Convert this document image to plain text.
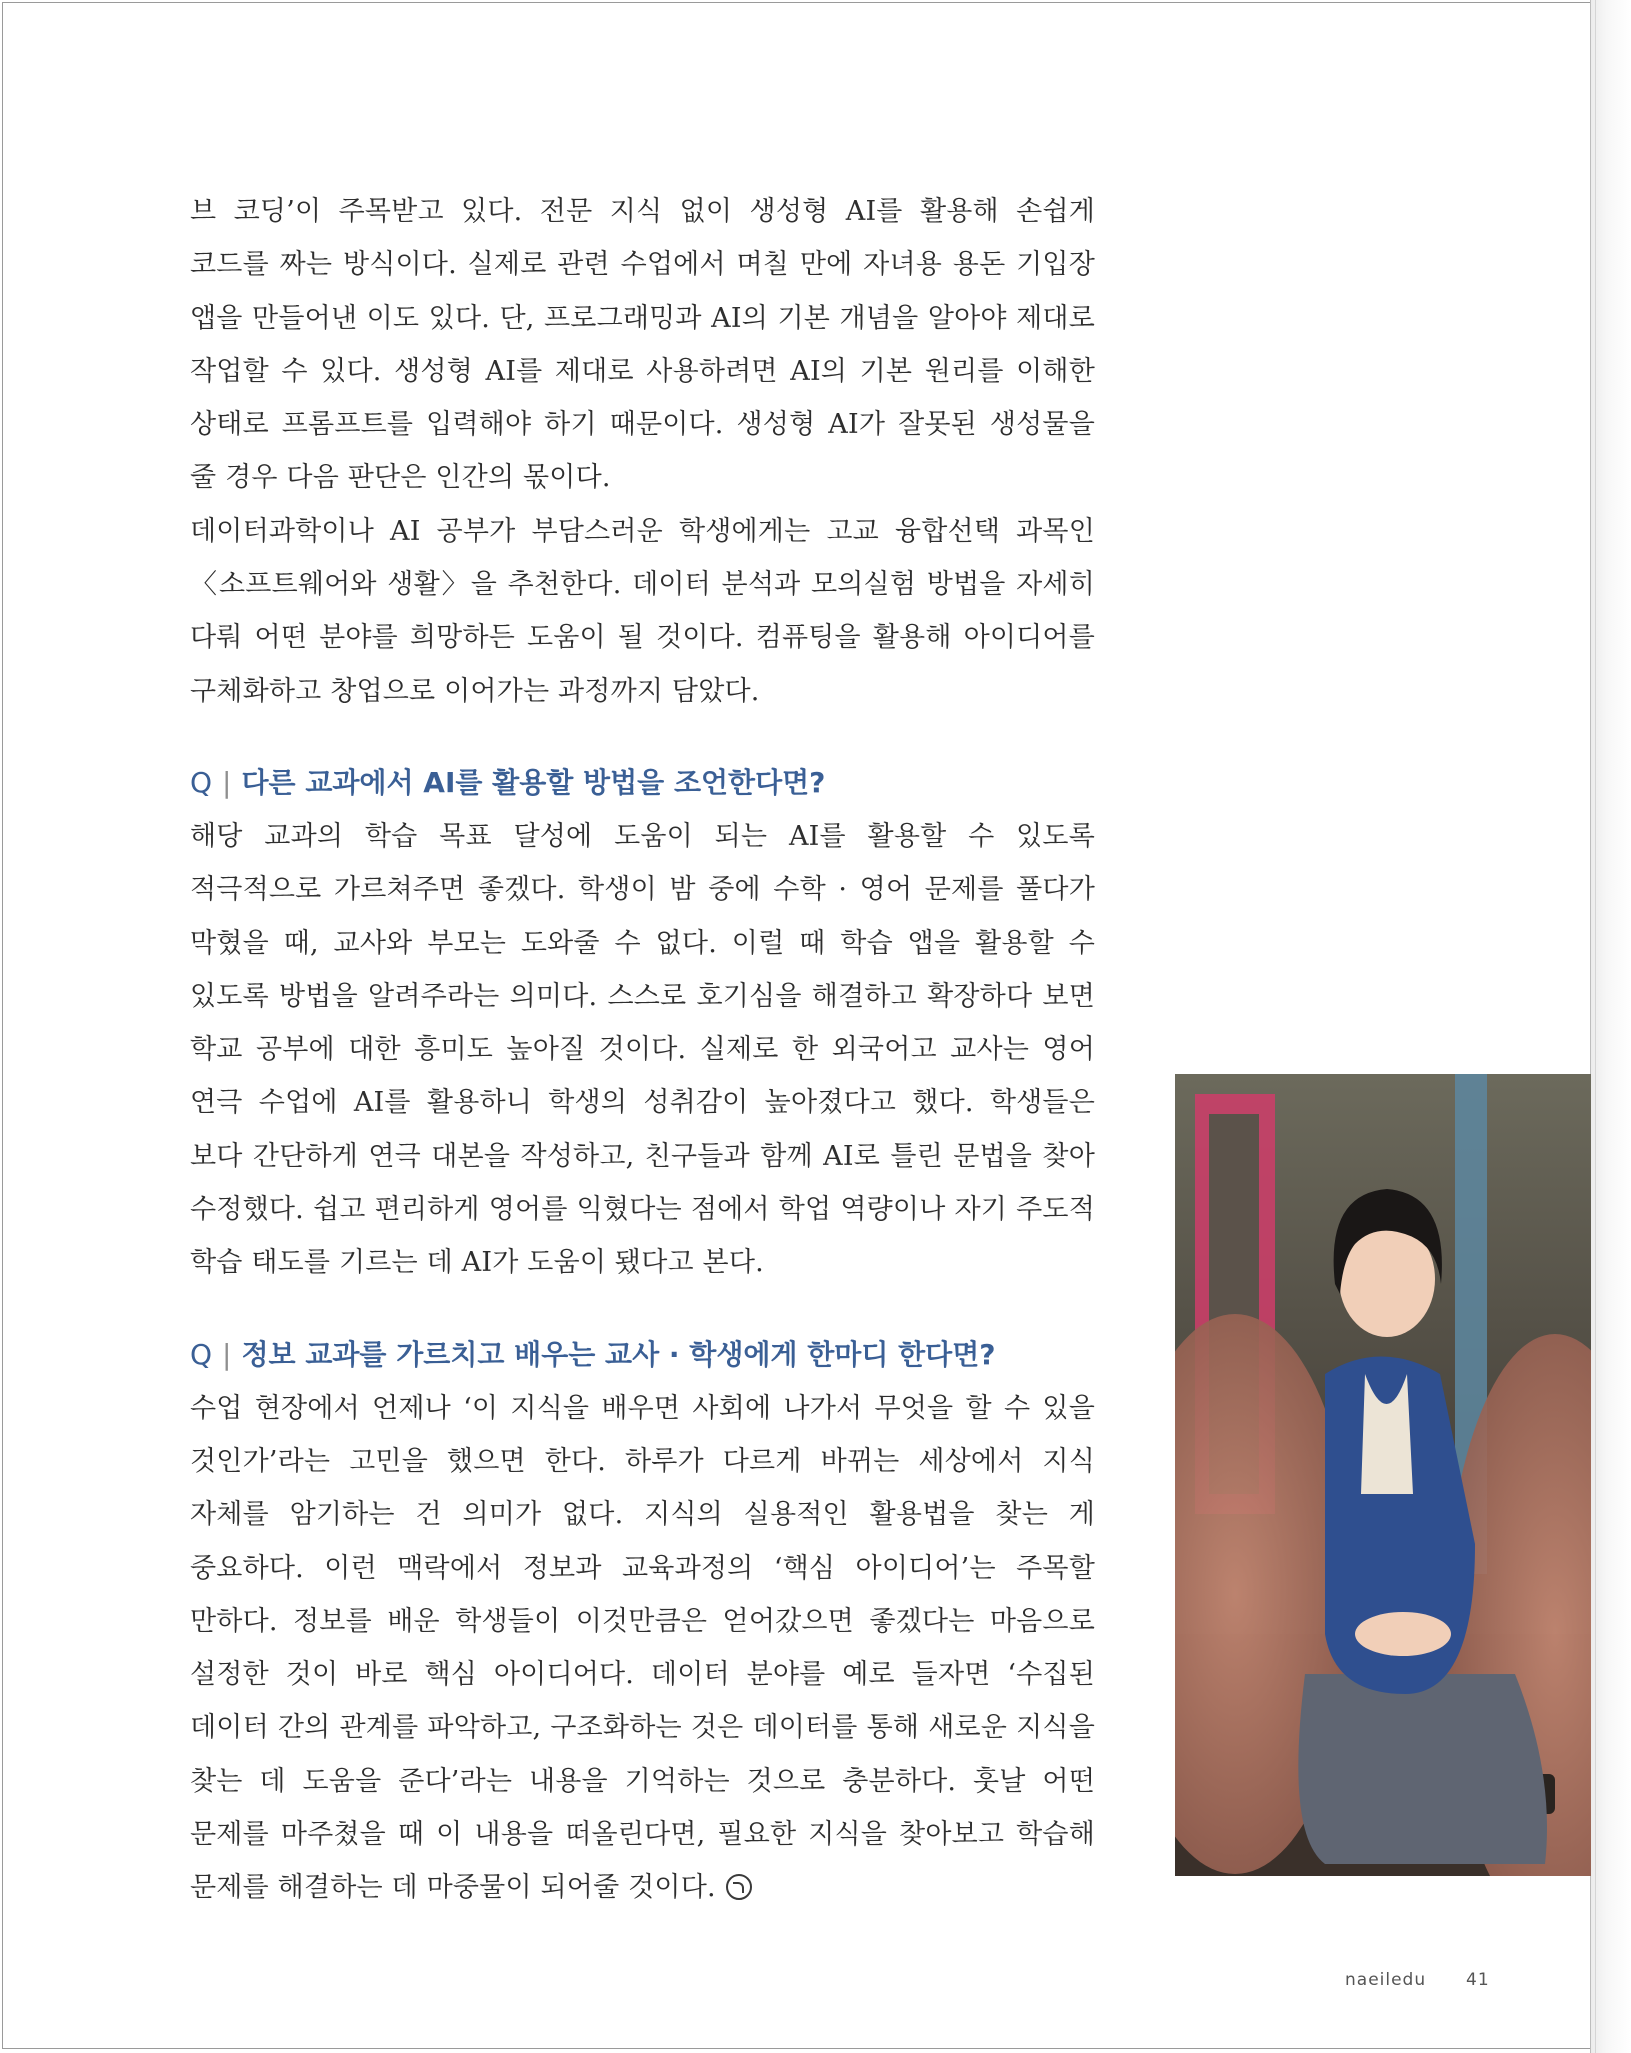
브 코딩’이 주목받고 있다. 전문 지식 없이 생성형 AI를 활용해 손쉽게 코드를 짜는 방식이다. 실제로 관련 수업에서 며칠 만에 자녀용 용돈 기입장 앱을 만들어낸 이도 있다. 단, 프로그래밍과 AI의 기본 개념을 알아야 제대로 작업할 수 있다. 생성형 AI를 제대로 사용하려면 AI의 기본 원리를 이해한 상태로 프롬프트를 입력해야 하기 때문이다. 생성형 AI가 잘못된 생성물을 줄 경우 다음 판단은 인간의 몫이다.

데이터과학이나 AI 공부가 부담스러운 학생에게는 고교 융합선택 과목인 〈소프트웨어와 생활〉을 추천한다. 데이터 분석과 모의실험 방법을 자세히 다뤄 어떤 분야를 희망하든 도움이 될 것이다. 컴퓨팅을 활용해 아이디어를 구체화하고 창업으로 이어가는 과정까지 담았다.

Q | 다른 교과에서 AI를 활용할 방법을 조언한다면?

해당 교과의 학습 목표 달성에 도움이 되는 AI를 활용할 수 있도록 적극적으로 가르쳐주면 좋겠다. 학생이 밤 중에 수학 · 영어 문제를 풀다가 막혔을 때, 교사와 부모는 도와줄 수 없다. 이럴 때 학습 앱을 활용할 수 있도록 방법을 알려주라는 의미다. 스스로 호기심을 해결하고 확장하다 보면 학교 공부에 대한 흥미도 높아질 것이다. 실제로 한 외국어고 교사는 영어 연극 수업에 AI를 활용하니 학생의 성취감이 높아졌다고 했다. 학생들은 보다 간단하게 연극 대본을 작성하고, 친구들과 함께 AI로 틀린 문법을 찾아 수정했다. 쉽고 편리하게 영어를 익혔다는 점에서 학업 역량이나 자기 주도적 학습 태도를 기르는 데 AI가 도움이 됐다고 본다.

Q | 정보 교과를 가르치고 배우는 교사 · 학생에게 한마디 한다면?

수업 현장에서 언제나 ‘이 지식을 배우면 사회에 나가서 무엇을 할 수 있을 것인가’라는 고민을 했으면 한다. 하루가 다르게 바뀌는 세상에서 지식 자체를 암기하는 건 의미가 없다. 지식의 실용적인 활용법을 찾는 게 중요하다. 이런 맥락에서 정보과 교육과정의 ‘핵심 아이디어’는 주목할 만하다. 정보를 배운 학생들이 이것만큼은 얻어갔으면 좋겠다는 마음으로 설정한 것이 바로 핵심 아이디어다. 데이터 분야를 예로 들자면 ‘수집된 데이터 간의 관계를 파악하고, 구조화하는 것은 데이터를 통해 새로운 지식을 찾는 데 도움을 준다’라는 내용을 기억하는 것으로 충분하다. 훗날 어떤 문제를 마주쳤을 때 이 내용을 떠올린다면, 필요한 지식을 찾아보고 학습해 문제를 해결하는 데 마중물이 되어줄 것이다.

naeiledu 41
